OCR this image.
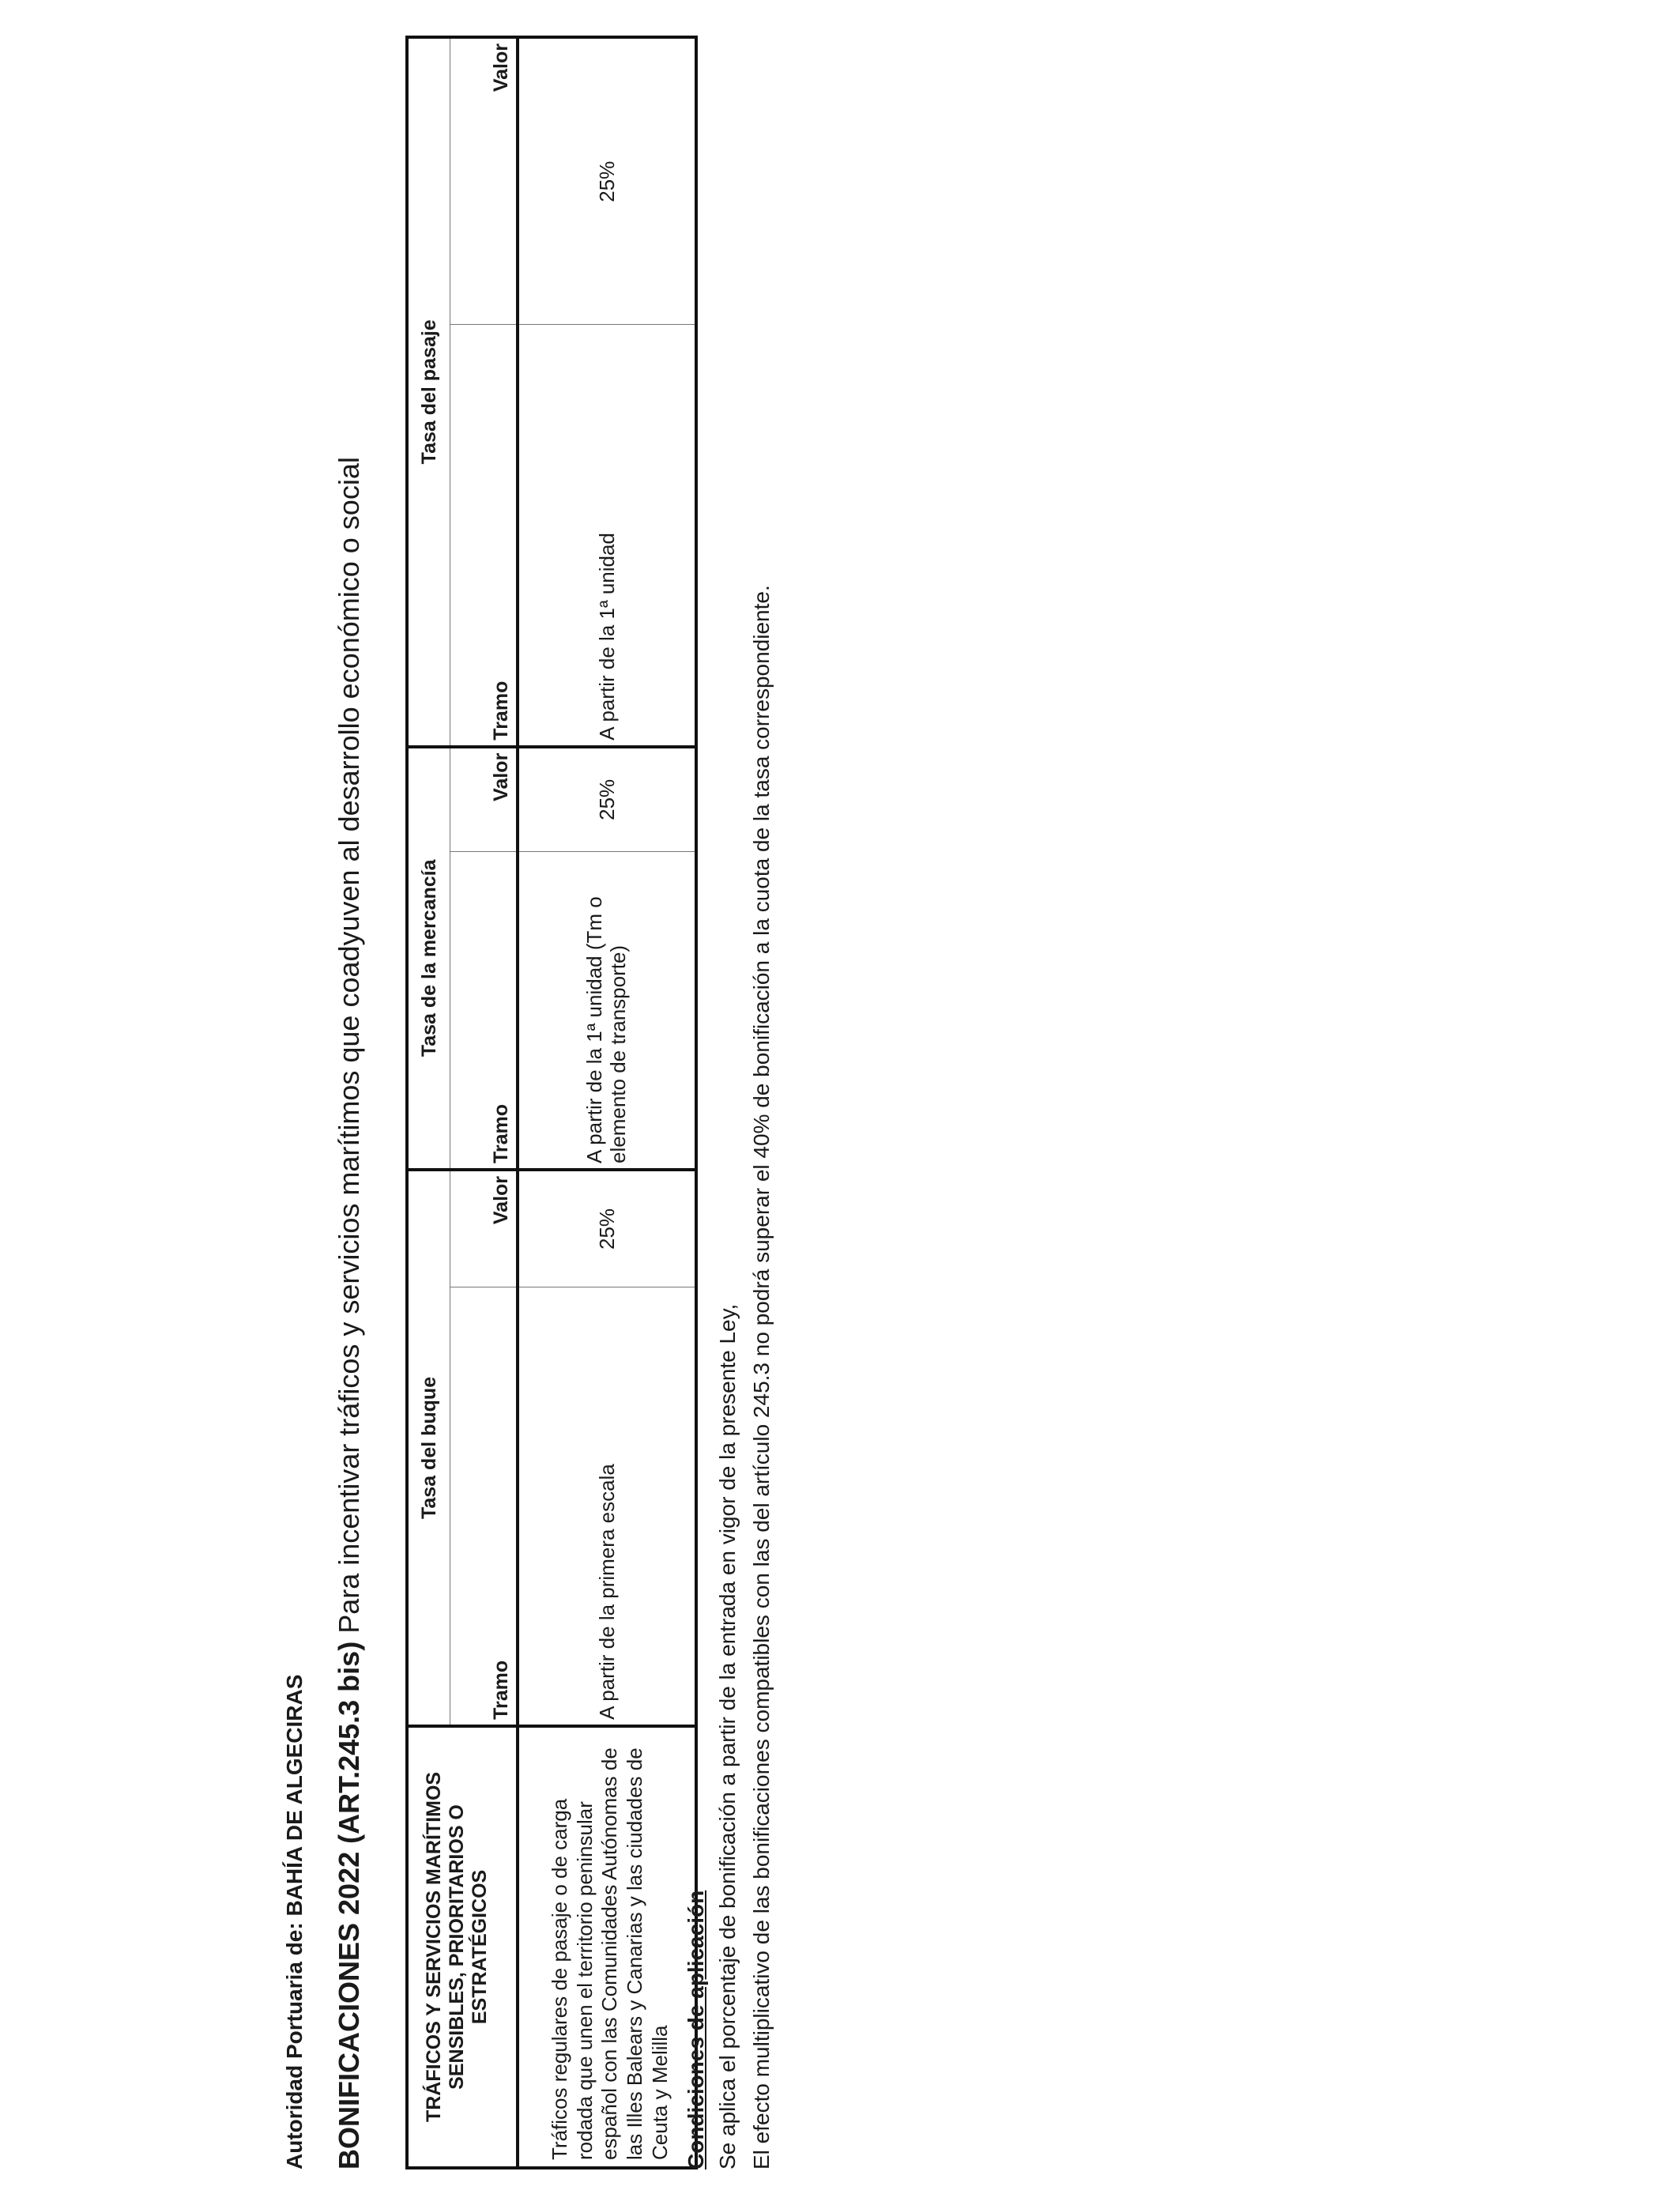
Autoridad Portuaria de: BAHÍA DE ALGECIRAS BONIFICACIONES 2022 (ART.245.3 bis) Para incentivar tráficos y servicios marítimos que coadyuven al desarrollo económico o social
TRÁFICOS Y SERVICIOS MARÍTIMOS SENSIBLES, PRIORITARIOS O ESTRATÉGICOS	Tasa del buque		Tasa de la mercancía		Tasa del pasaje	
	Tramo	Valor	Tramo	Valor	Tramo	Valor
Tráficos regulares de pasaje o de carga rodada que unen el territorio peninsular español con las Comunidades Autónomas de las Illes Balears y Canarias y las ciudades de Ceuta y Melilla	A partir de la primera escala	25%	A partir de la 1ª unidad (Tm o elemento de transporte)	25%	A partir de la 1ª unidad	25%
Condiciones de aplicación Se aplica el porcentaje de bonificación a partir de la entrada en vigor de la presente Ley, El efecto multiplicativo de las bonificaciones compatibles con las del artículo 245.3 no podrá superar el 40% de bonificación a la cuota de la tasa correspondiente.
